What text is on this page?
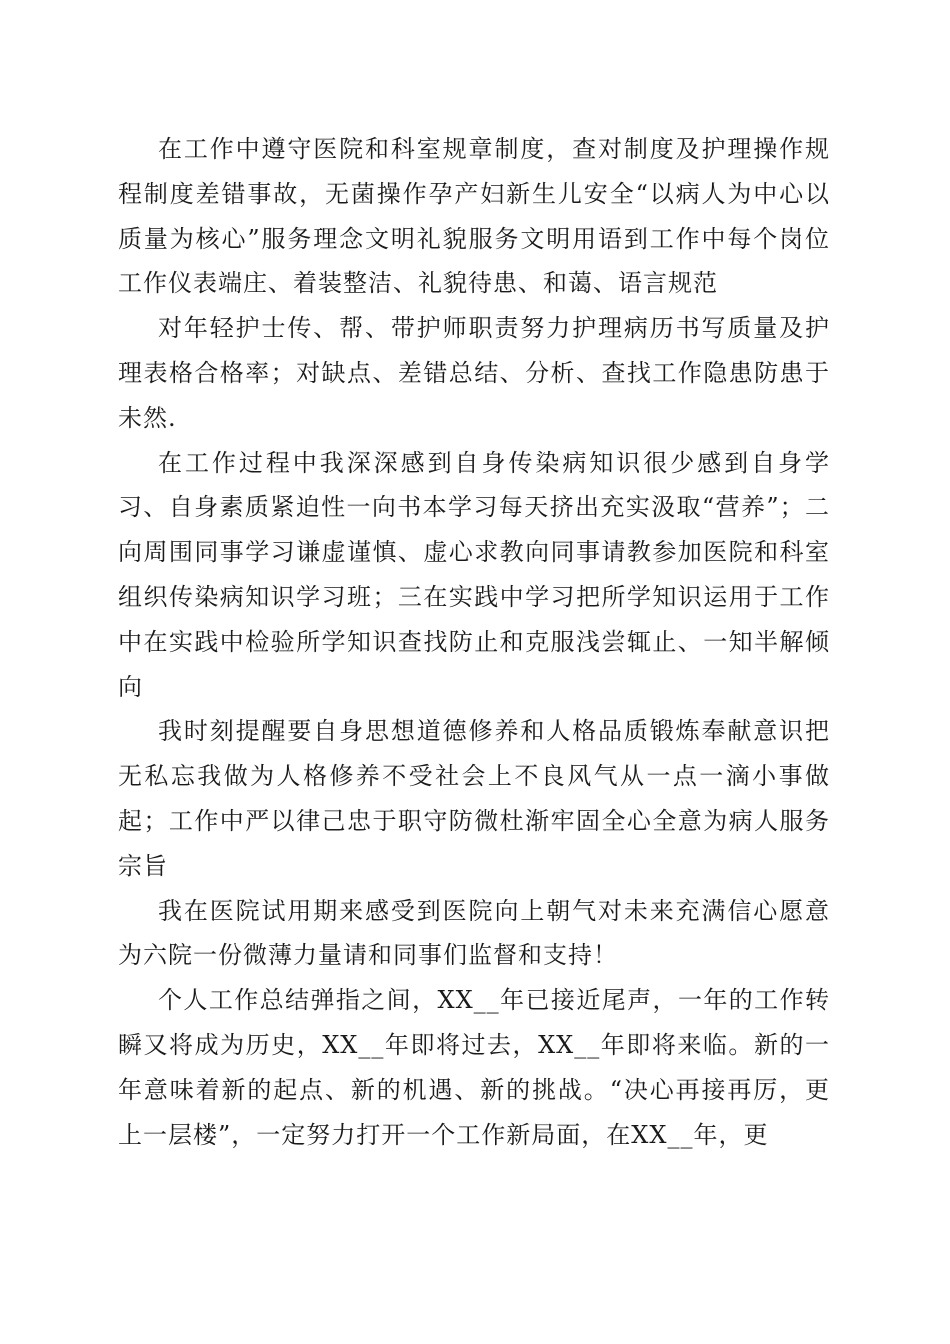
在工作中遵守医院和科室规章制度，查对制度及护理操作规程制度差错事故，无菌操作孕产妇新生儿安全“以病人为中心以质量为核心”服务理念文明礼貌服务文明用语到工作中每个岗位工作仪表端庄、着装整洁、礼貌待患、和蔼、语言规范

对年轻护士传、帮、带护师职责努力护理病历书写质量及护理表格合格率；对缺点、差错总结、分析、查找工作隐患防患于未然.

在工作过程中我深深感到自身传染病知识很少感到自身学习、自身素质紧迫性一向书本学习每天挤出充实汲取“营养”；二向周围同事学习谦虚谨慎、虚心求教向同事请教参加医院和科室组织传染病知识学习班；三在实践中学习把所学知识运用于工作中在实践中检验所学知识查找防止和克服浅尝辄止、一知半解倾向

我时刻提醒要自身思想道德修养和人格品质锻炼奉献意识把无私忘我做为人格修养不受社会上不良风气从一点一滴小事做起；工作中严以律己忠于职守防微杜渐牢固全心全意为病人服务宗旨

我在医院试用期来感受到医院向上朝气对未来充满信心愿意为六院一份微薄力量请和同事们监督和支持！

个人工作总结弹指之间，XX__年已接近尾声，一年的工作转瞬又将成为历史，XX__年即将过去，XX__年即将来临。新的一年意味着新的起点、新的机遇、新的挑战。“决心再接再厉，更上一层楼”，一定努力打开一个工作新局面，在XX__年，更
